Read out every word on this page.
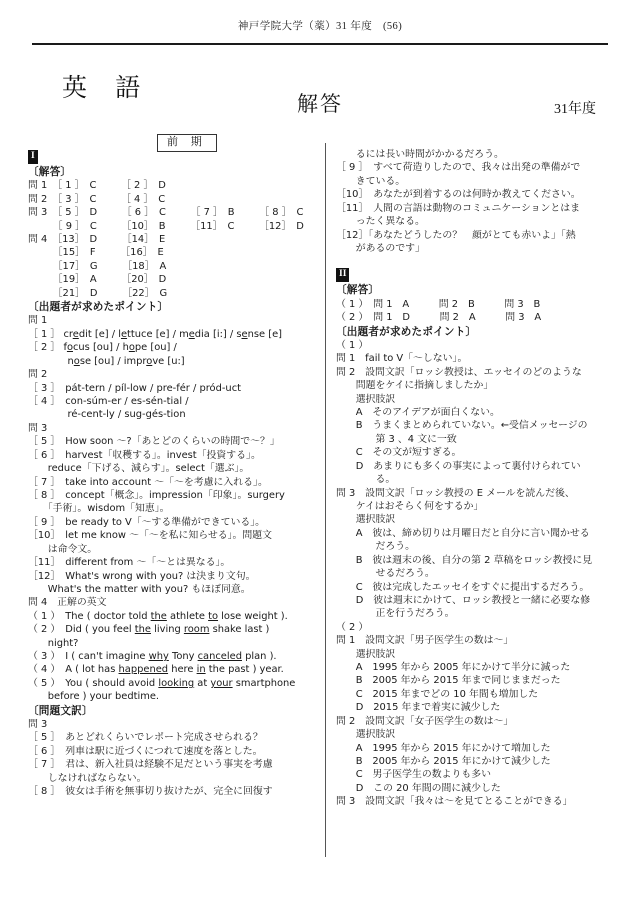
神戸学院大学（薬）31 年度　(56)
英 語
解答	31年度
前 期
I
〔解答〕
問 1　［ 1 ］　C　　　［ 2 ］　D
問 2　［ 3 ］　C　　　［ 4 ］　C
問 3　［ 5 ］　D　　　［ 6 ］　C　　　［ 7 ］　B　　　［ 8 ］　C
　　　［ 9 ］　C　　　［10］　B　　　［11］　C　　　［12］　D
問 4　［13］　D　　　［14］　E
　　　［15］　F　　　［16］　E
　　　［17］　G　　　［18］　A
　　　［19］　A　　　［20］　D
　　　［21］　D　　　［22］　G
〔出題者が求めたポイント〕
問 1
［ 1 ］ credit [e] / lettuce [e] / media [i:] / sense [e]
［ 2 ］ focus [ou] / hope [ou] /
　　　　nose [ou] / improve [u:]
問 2
［ 3 ］　pát-tern / píl-low / pre-fér / pród-uct
［ 4 ］　con-súm-er / es-sén-tial /
　　　　ré-cent-ly / sug-gés-tion
問 3
［ 5 ］　How soon ～?「あとどのくらいの時間で～？」
［ 6 ］　harvest「収穫する」。invest「投資する」。
　　reduce「下げる、減らす」。select「選ぶ」。
［ 7 ］　take into account ～「～を考慮に入れる」。
［ 8 ］　concept「概念」。impression「印象」。surgery
　　「手術」。wisdom「知恵」。
［ 9 ］　be ready to V「～する準備ができている」。
［10］　let me know ～「～を私に知らせる」。問題文
　　は命令文。
［11］　different from ～「～とは異なる」。
［12］　What's wrong with you? は決まり文句。
　　What's the matter with you? もほぼ同意。
問 4　正解の英文
（ 1 ）　The ( doctor told the athlete to lose weight ).
（ 2 ）　Did ( you feel the living room shake last )
　　night?
（ 3 ）　I ( can't imagine why Tony canceled plan ).
（ 4 ）　A ( lot has happened here in the past ) year.
（ 5 ）　You ( should avoid looking at your smartphone
　　before ) your bedtime.
〔問題文訳〕
問 3
［ 5 ］　あとどれくらいでレポート完成させられる？
［ 6 ］　列車は駅に近づくにつれて速度を落とした。
［ 7 ］　君は、新入社員は経験不足だという事実を考慮
　　しなければならない。
［ 8 ］　彼女は手術を無事切り抜けたが、完全に回復す
　　るには長い時間がかかるだろう。
［ 9 ］　すべて荷造りしたので、我々は出発の準備がで
　　きている。
［10］　あなたが到着するのは何時か教えてください。
［11］　人間の言語は動物のコミュニケーションとはま
　　ったく異なる。
［12］「あなたどうしたの？　顔がとても赤いよ」「熱
　　があるのです」
II
〔解答〕
（ 1 ）　問 1　A　　　問 2　B　　　問 3　B
（ 2 ）　問 1　D　　　問 2　A　　　問 3　A
〔出題者が求めたポイント〕
（ 1 ）
問 1　fail to V「～しない」。
問 2　設問文訳「ロッシ教授は、エッセイのどのような
　　問題をケイに指摘しましたか」
　　選択肢訳
　　A　そのアイデアが面白くない。
　　B　うまくまとめられていない。←受信メッセージの
　　　　第 3 、4 文に一致
　　C　その文が短すぎる。
　　D　あまりにも多くの事実によって裏付けられてい
　　　　る。
問 3　設問文訳「ロッシ教授の E メールを読んだ後、
　　ケイはおそらく何をするか」
　　選択肢訳
　　A　彼は、締め切りは月曜日だと自分に言い聞かせる
　　　　だろう。
　　B　彼は週末の後、自分の第 2 草稿をロッシ教授に見
　　　　せるだろう。
　　C　彼は完成したエッセイをすぐに提出するだろう。
　　D　彼は週末にかけて、ロッシ教授と一緒に必要な修
　　　　正を行うだろう。
（ 2 ）
問 1　設問文訳「男子医学生の数は～」
　　選択肢訳
　　A　1995 年から 2005 年にかけて半分に減った
　　B　2005 年から 2015 年まで同じままだった
　　C　2015 年までどの 10 年間も増加した
　　D　2015 年まで着実に減少した
問 2　設問文訳「女子医学生の数は～」
　　選択肢訳
　　A　1995 年から 2015 年にかけて増加した
　　B　2005 年から 2015 年にかけて減少した
　　C　男子医学生の数よりも多い
　　D　この 20 年間の間に減少した
問 3　設問文訳「我々は～を見てとることができる」
